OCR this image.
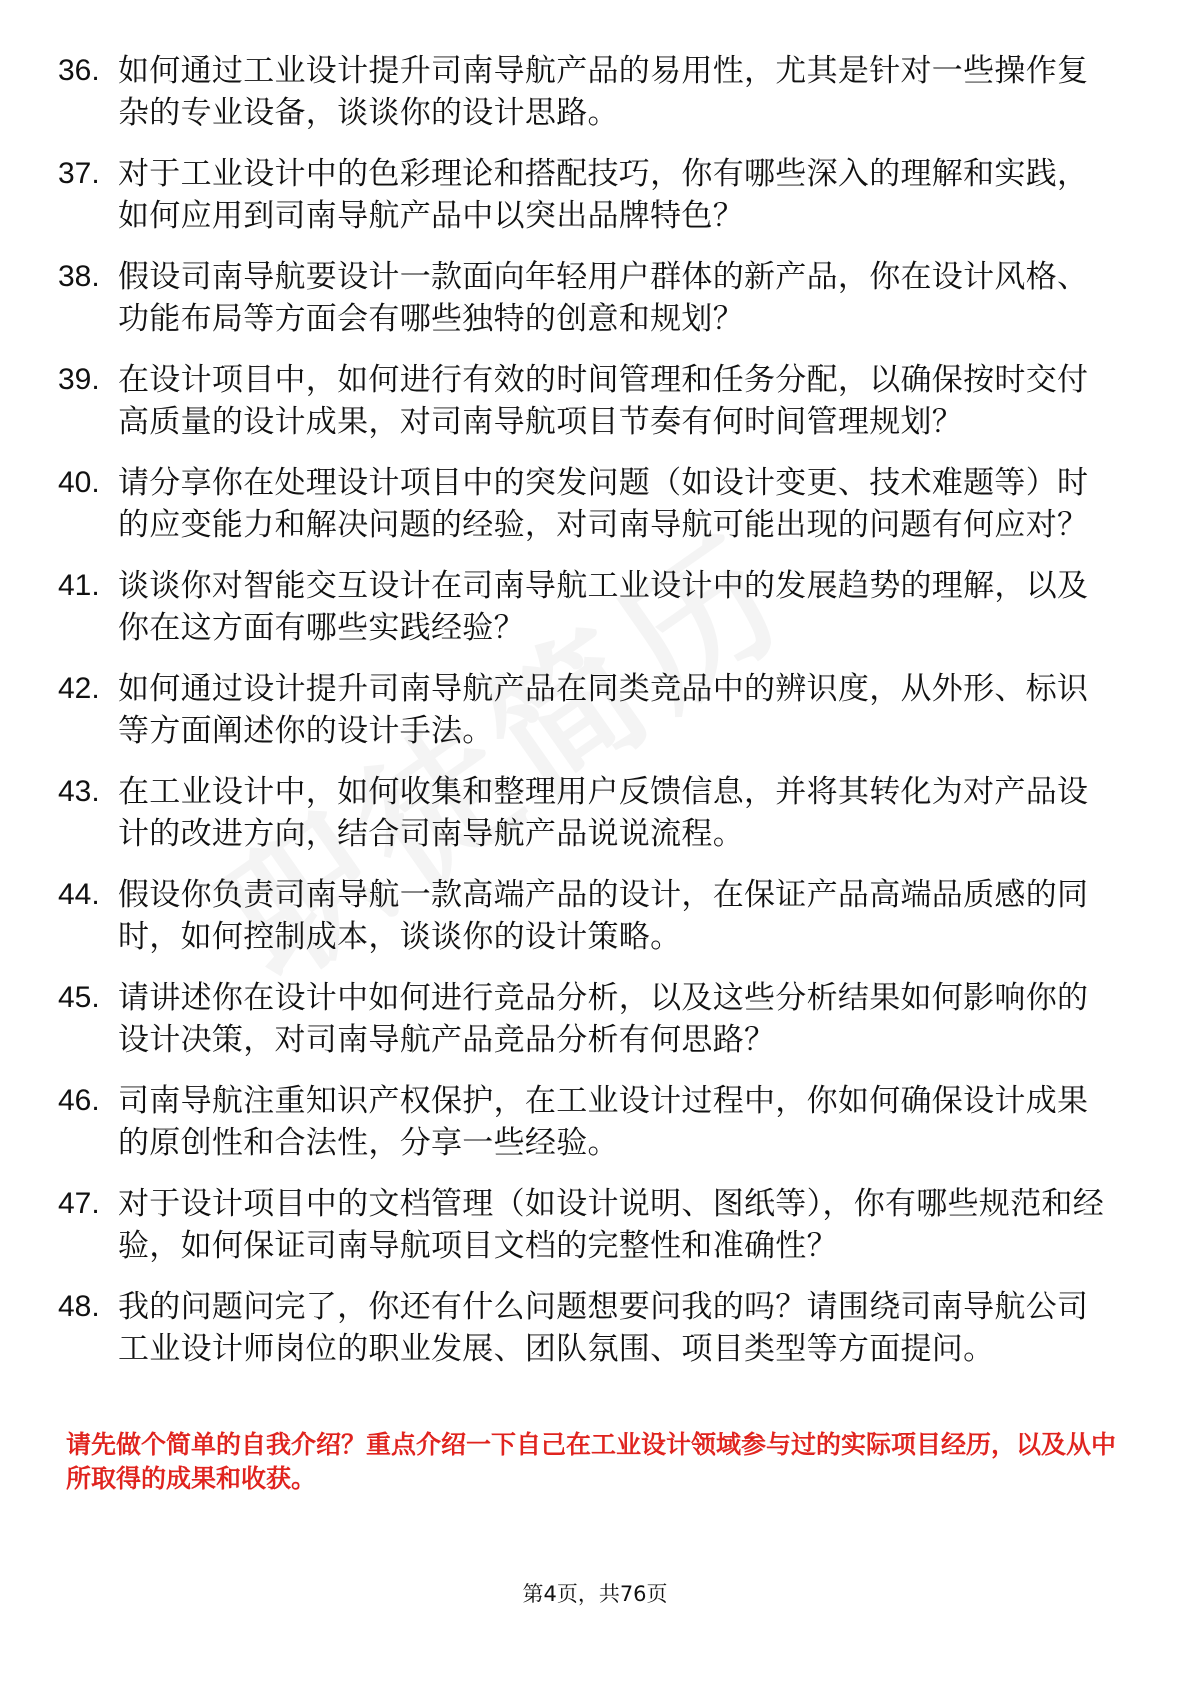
36. 如何通过工业设计提升司南导航产品的易用性，尤其是针对一些操作复杂的专业设备，谈谈你的设计思路。
37. 对于工业设计中的色彩理论和搭配技巧，你有哪些深入的理解和实践，如何应用到司南导航产品中以突出品牌特色？
38. 假设司南导航要设计一款面向年轻用户群体的新产品，你在设计风格、功能布局等方面会有哪些独特的创意和规划？
39. 在设计项目中，如何进行有效的时间管理和任务分配，以确保按时交付高质量的设计成果，对司南导航项目节奏有何时间管理规划？
40. 请分享你在处理设计项目中的突发问题（如设计变更、技术难题等）时的应变能力和解决问题的经验，对司南导航可能出现的问题有何应对？
41. 谈谈你对智能交互设计在司南导航工业设计中的发展趋势的理解，以及你在这方面有哪些实践经验？
42. 如何通过设计提升司南导航产品在同类竞品中的辨识度，从外形、标识等方面阐述你的设计手法。
43. 在工业设计中，如何收集和整理用户反馈信息，并将其转化为对产品设计的改进方向，结合司南导航产品说说流程。
44. 假设你负责司南导航一款高端产品的设计，在保证产品高端品质感的同时，如何控制成本，谈谈你的设计策略。
45. 请讲述你在设计中如何进行竞品分析，以及这些分析结果如何影响你的设计决策，对司南导航产品竞品分析有何思路？
46. 司南导航注重知识产权保护，在工业设计过程中，你如何确保设计成果的原创性和合法性，分享一些经验。
47. 对于设计项目中的文档管理（如设计说明、图纸等），你有哪些规范和经验，如何保证司南导航项目文档的完整性和准确性？
48. 我的问题问完了，你还有什么问题想要问我的吗？请围绕司南导航公司工业设计师岗位的职业发展、团队氛围、项目类型等方面提问。
请先做个简单的自我介绍？重点介绍一下自己在工业设计领域参与过的实际项目经历，以及从中所取得的成果和收获。
第4页，共76页
